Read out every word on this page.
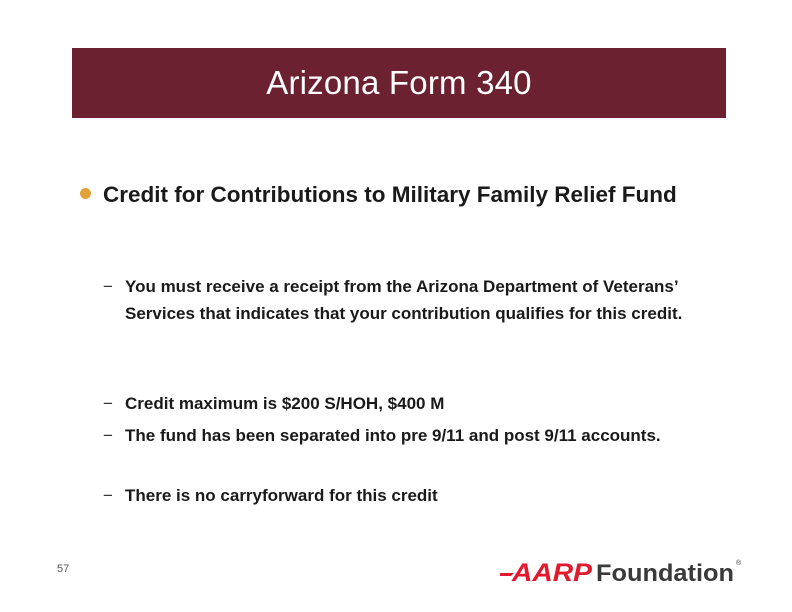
Arizona Form 340
Credit for Contributions to Military Family Relief Fund
− You must receive a receipt from the Arizona Department of Veterans’ Services that indicates that your contribution qualifies for this credit.
− Credit maximum is $200 S/HOH, $400 M
− The fund has been separated into pre 9/11 and post 9/11 accounts.
− There is no carryforward for this credit
57	AARP Foundation ®
